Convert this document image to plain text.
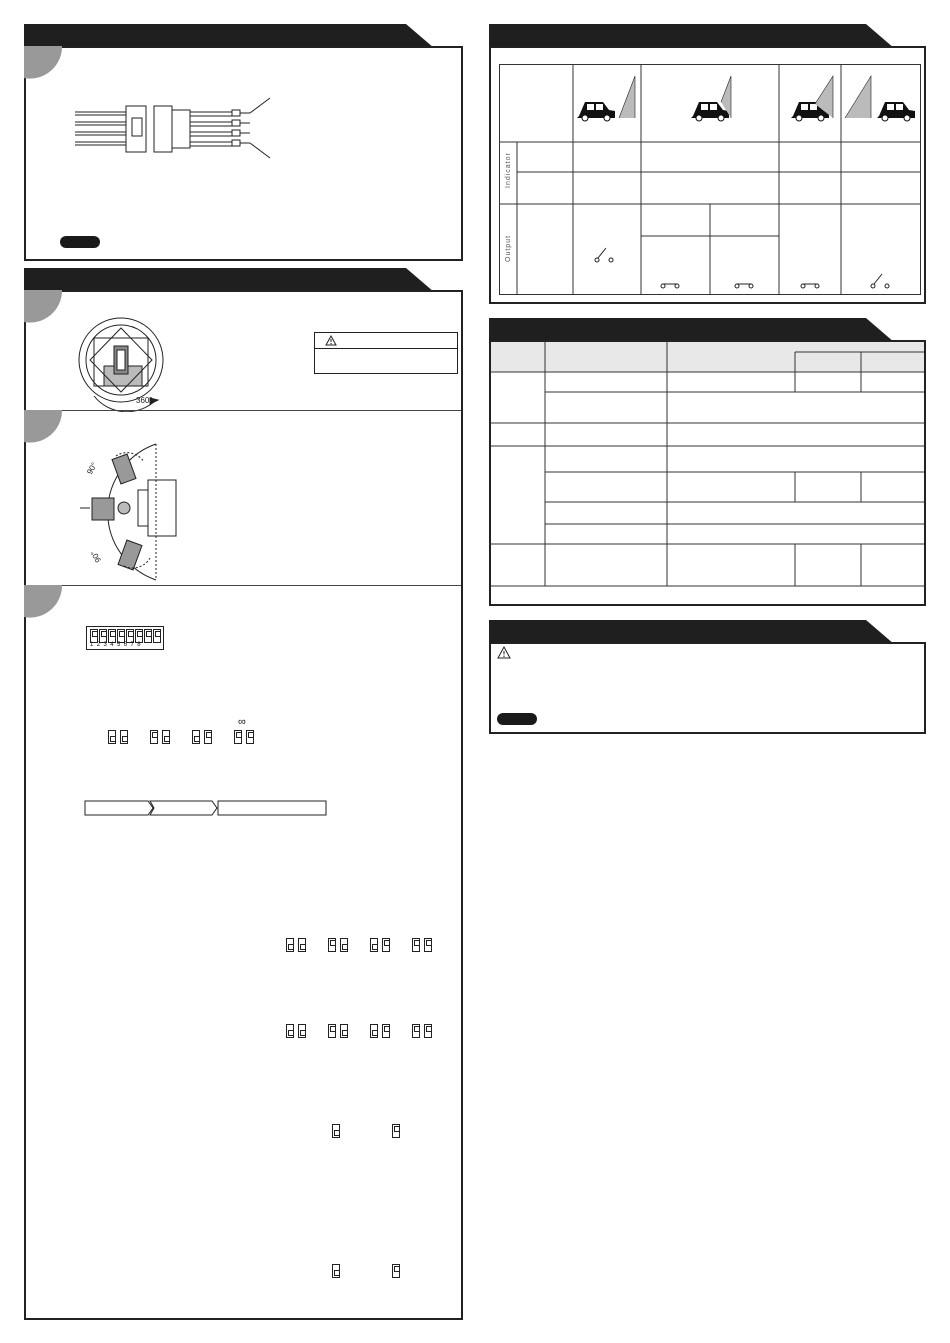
360°
90°
90°
12345678
∞
Indicator
Output
